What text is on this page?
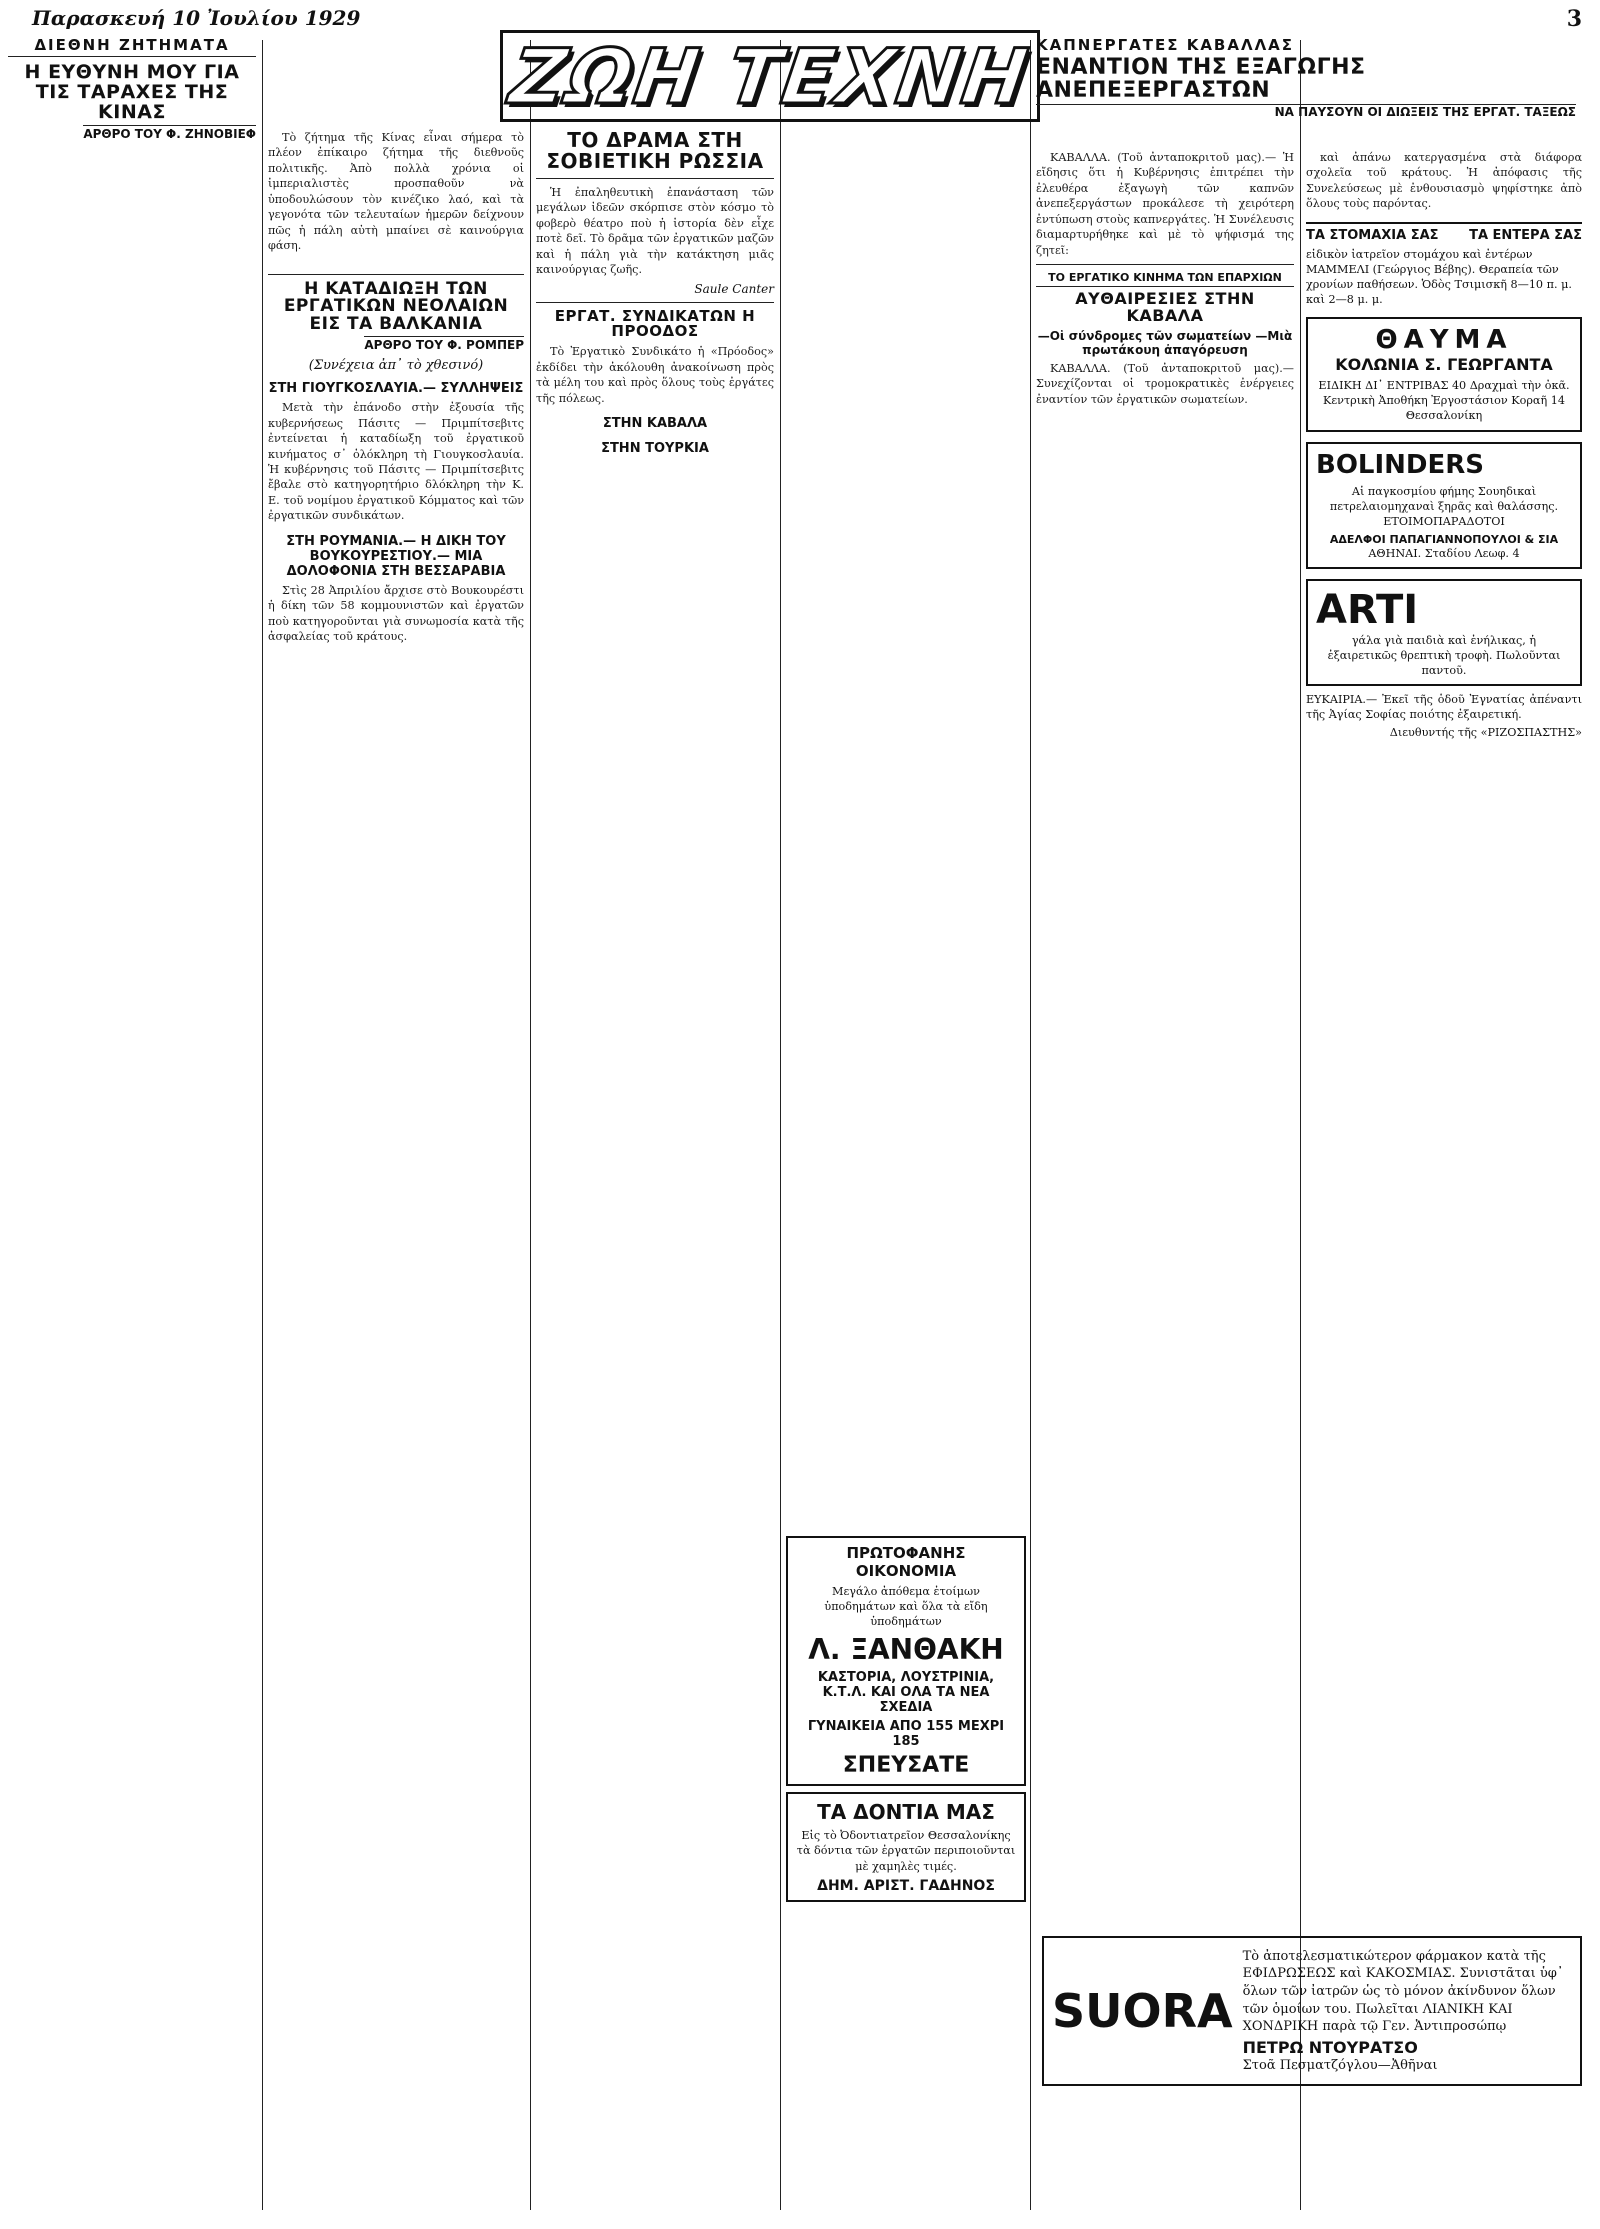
Παρασκευή 10 Ἰουλίου 1929	3
ΖΩΗ ΤΕΧΝΗ
ΔΙΕΘΝΗ ΖΗΤΗΜΑΤΑ
Η ΕΥΘΥΝΗ ΜΟΥ ΓΙΑ ΤΙΣ ΤΑΡΑΧΕΣ ΤΗΣ ΚΙΝΑΣ
ΑΡΘΡΟ ΤΟΥ Φ. ΖΗΝΟΒΙΕΦ	Τὸ ζήτημα τῆς Κίνας εἶναι σήμερα τὸ πλέον ἐπίκαιρο ζήτημα τῆς διεθνοῦς πολιτικῆς. Ἀπὸ πολλὰ χρόνια οἱ ἰμπεριαλιστὲς προσπαθοῦν νὰ ὑποδουλώσουν τὸν κινέζικο λαό, καὶ τὰ γεγονότα τῶν τελευταίων ἡμερῶν δείχνουν πῶς ἡ πάλη αὐτὴ μπαίνει σὲ καινούργια φάση.

Η ΚΑΤΑΔΙΩΞΗ ΤΩΝ ΕΡΓΑΤΙΚΩΝ ΝΕΟΛΑΙΩΝ ΕΙΣ ΤΑ ΒΑΛΚΑΝΙΑ
ΑΡΘΡΟ ΤΟΥ Φ. ΡΟΜΠΕΡ
(Συνέχεια ἀπ᾽ τὸ χθεσινό)
ΣΤΗ ΓΙΟΥΓΚΟΣΛΑΥΙΑ.— ΣΥΛΛΗΨΕΙΣ

Μετὰ τὴν ἐπάνοδο στὴν ἐξουσία τῆς κυβερνήσεως Πάσιτς — Πριμπίτσεβιτς ἐντείνεται ἡ καταδίωξη τοῦ ἐργατικοῦ κινήματος σ᾽ ὁλόκληρη τὴ Γιουγκοσλαυία. Ἡ κυβέρνησις τοῦ Πάσιτς — Πριμπίτσεβιτς ἔβαλε στὸ κατηγορητήριο δλόκληρη τὴν Κ. Ε. τοῦ νομίμου ἐργατικοῦ Κόμματος καὶ τῶν ἐργατικῶν συνδικάτων.

ΣΤΗ ΡΟΥΜΑΝΙΑ.— Η ΔΙΚΗ ΤΟΥ ΒΟΥΚΟΥΡΕΣΤΙΟΥ.— ΜΙΑ ΔΟΛΟΦΟΝΙΑ ΣΤΗ ΒΕΣΣΑΡΑΒΙΑ

Στὶς 28 Ἀπριλίου ἄρχισε στὸ Βουκουρέστι ἡ δίκη τῶν 58 κομμουνιστῶν καὶ ἐργατῶν ποὺ κατηγοροῦνται γιὰ συνωμοσία κατὰ τῆς ἀσφαλείας τοῦ κράτους.

ΤΟ ΔΡΑΜΑ ΣΤΗ ΣΟΒΙΕΤΙΚΗ ΡΩΣΣΙΑ

Ἡ ἐπαληθευτικὴ ἐπανάσταση τῶν μεγάλων ἰδεῶν σκόρπισε στὸν κόσμο τὸ φοβερὸ θέατρο ποὺ ἡ ἱστορία δὲν εἶχε ποτὲ δεῖ. Τὸ δρᾶμα τῶν ἐργατικῶν μαζῶν καὶ ἡ πάλη γιὰ τὴν κατάκτηση μιᾶς καινούργιας ζωῆς.

Saule Canter
ΕΡΓΑΤ. ΣΥΝΔΙΚΑΤΩΝ Η ΠΡΟΟΔΟΣ

Τὸ Ἐργατικὸ Συνδικάτο ἡ «Πρόοδος» ἐκδίδει τὴν ἀκόλουθη ἀνακοίνωση πρὸς τὰ μέλη του καὶ πρὸς ὅλους τοὺς ἐργάτες τῆς πόλεως.

ΣΤΗΝ ΚΑΒΑΛΑ
ΣΤΗΝ ΤΟΥΡΚΙΑ
ΠΡΩΤΟΦΑΝΗΣ ΟΙΚΟΝΟΜΙΑ
Μεγάλο ἀπόθεμα ἐτοίμων ὑποδημάτων καὶ ὅλα τὰ εἴδη ὑποδημάτων
Λ. ΞΑΝΘΑΚΗ
ΚΑΣΤΟΡΙΑ, ΛΟΥΣΤΡΙΝΙΑ, Κ.Τ.Λ. ΚΑΙ ΟΛΑ ΤΑ ΝΕΑ ΣΧΕΔΙΑ
ΓΥΝΑΙΚΕΙΑ ΑΠΟ 155 ΜΕΧΡΙ 185
ΣΠΕΥΣΑΤΕ
ΤΑ ΔΟΝΤΙΑ ΜΑΣ
Εἰς τὸ Ὀδοντιατρεῖον Θεσσαλονίκης τὰ δόντια τῶν ἐργατῶν περιποιοῦνται μὲ χαμηλὲς τιμές.
ΔΗΜ. ΑΡΙΣΤ. ΓΑΔΗΝΟΣ
ΚΑΠΝΕΡΓΑΤΕΣ ΚΑΒΑΛΛΑΣ
ΕΝΑΝΤΙΟΝ ΤΗΣ ΕΞΑΓΩΓΗΣ ΑΝΕΠΕΞΕΡΓΑΣΤΩΝ
ΝΑ ΠΑΥΣΟΥΝ ΟΙ ΔΙΩΞΕΙΣ ΤΗΣ ΕΡΓΑΤ. ΤΑΞΕΩΣ

ΚΑΒΑΛΛΑ. (Τοῦ ἀνταποκριτοῦ μας).— Ἡ εἴδησις ὅτι ἡ Κυβέρνησις ἐπιτρέπει τὴν ἐλευθέρα ἐξαγωγὴ τῶν καπνῶν ἀνεπεξεργάστων προκάλεσε τὴ χειρότερη ἐντύπωση στοὺς καπνεργάτες. Ἡ Συνέλευσις διαμαρτυρήθηκε καὶ μὲ τὸ ψήφισμά της ζητεῖ:

ΤΟ ΕΡΓΑΤΙΚΟ ΚΙΝΗΜΑ ΤΩΝ ΕΠΑΡΧΙΩΝ
ΑΥΘΑΙΡΕΣΙΕΣ ΣΤΗΝ ΚΑΒΑΛΑ
—Οἱ σύνδρομες τῶν σωματείων —Μιὰ πρωτάκουη ἀπαγόρευση

ΚΑΒΑΛΛΑ. (Τοῦ ἀνταποκριτοῦ μας).— Συνεχίζονται οἱ τρομοκρατικὲς ἐνέργειες ἐναντίον τῶν ἐργατικῶν σωματείων.

καὶ ἀπάνω κατεργασμένα στὰ διάφορα σχολεῖα τοῦ κράτους. Ἡ ἀπόφασις τῆς Συνελεύσεως μὲ ἐνθουσιασμὸ ψηφίστηκε ἀπὸ ὅλους τοὺς παρόντας.

ΤΑ ΣΤΟΜΑΧΙΑ ΣΑΣ ΤΑ ΕΝΤΕΡΑ ΣΑΣ
εἰδικὸν ἰατρεῖον στομάχου καὶ ἐντέρων ΜΑΜΜΕΛΙ (Γεώργιος Βέβης). Θεραπεία τῶν χρονίων παθήσεων. Ὁδὸς Τσιμισκῆ 8—10 π. μ. καὶ 2—8 μ. μ.
ΘΑΥΜΑ
ΚΟΛΩΝΙΑ Σ. ΓΕΩΡΓΑΝΤΑ
ΕΙΔΙΚΗ ΔΙ᾽ ΕΝΤΡΙΒΑΣ 40 Δραχμαὶ τὴν ὀκᾶ. Κεντρικὴ Ἀποθήκη Ἐργοστάσιον Κοραῆ 14 Θεσσαλονίκη
BOLINDERS
Αἱ παγκοσμίου φήμης Σουηδικαὶ πετρελαιομηχαναὶ ξηρᾶς καὶ θαλάσσης. ΕΤΟΙΜΟΠΑΡΑΔΟΤΟΙ
ΑΔΕΛΦΟΙ ΠΑΠΑΓΙΑΝΝΟΠΟΥΛΟΙ & ΣΙΑ
ΑΘΗΝΑΙ. Σταδίου Λεωφ. 4
ARTI
γάλα γιὰ παιδιὰ καὶ ἐνήλικας, ἡ ἐξαιρετικῶς θρεπτικὴ τροφὴ. Πωλοῦνται παντοῦ.
ΕΥΚΑΙΡΙΑ.— Ἐκεῖ τῆς ὁδοῦ Ἐγνατίας ἀπέναντι τῆς Ἀγίας Σοφίας ποιότης ἐξαιρετική.
Διευθυντής τῆς «ΡΙΖΟΣΠΑΣΤΗΣ»
SUORA
Τὸ ἀποτελεσματικώτερον φάρμακον κατὰ τῆς ΕΦΙΔΡΩΣΕΩΣ καὶ ΚΑΚΟΣΜΙΑΣ. Συνιστᾶται ὑφ᾽ ὅλων τῶν ἰατρῶν ὡς τὸ μόνον ἀκίνδυνον ὅλων τῶν ὁμοίων του. Πωλεῖται ΛΙΑΝΙΚΗ ΚΑΙ ΧΟΝΔΡΙΚΗ παρὰ τῷ Γεν. Ἀντιπροσώπῳ
ΠΕΤΡΩ ΝΤΟΥΡΑΤΣΟ
Στοᾶ Πεσματζόγλου—Ἀθῆναι
